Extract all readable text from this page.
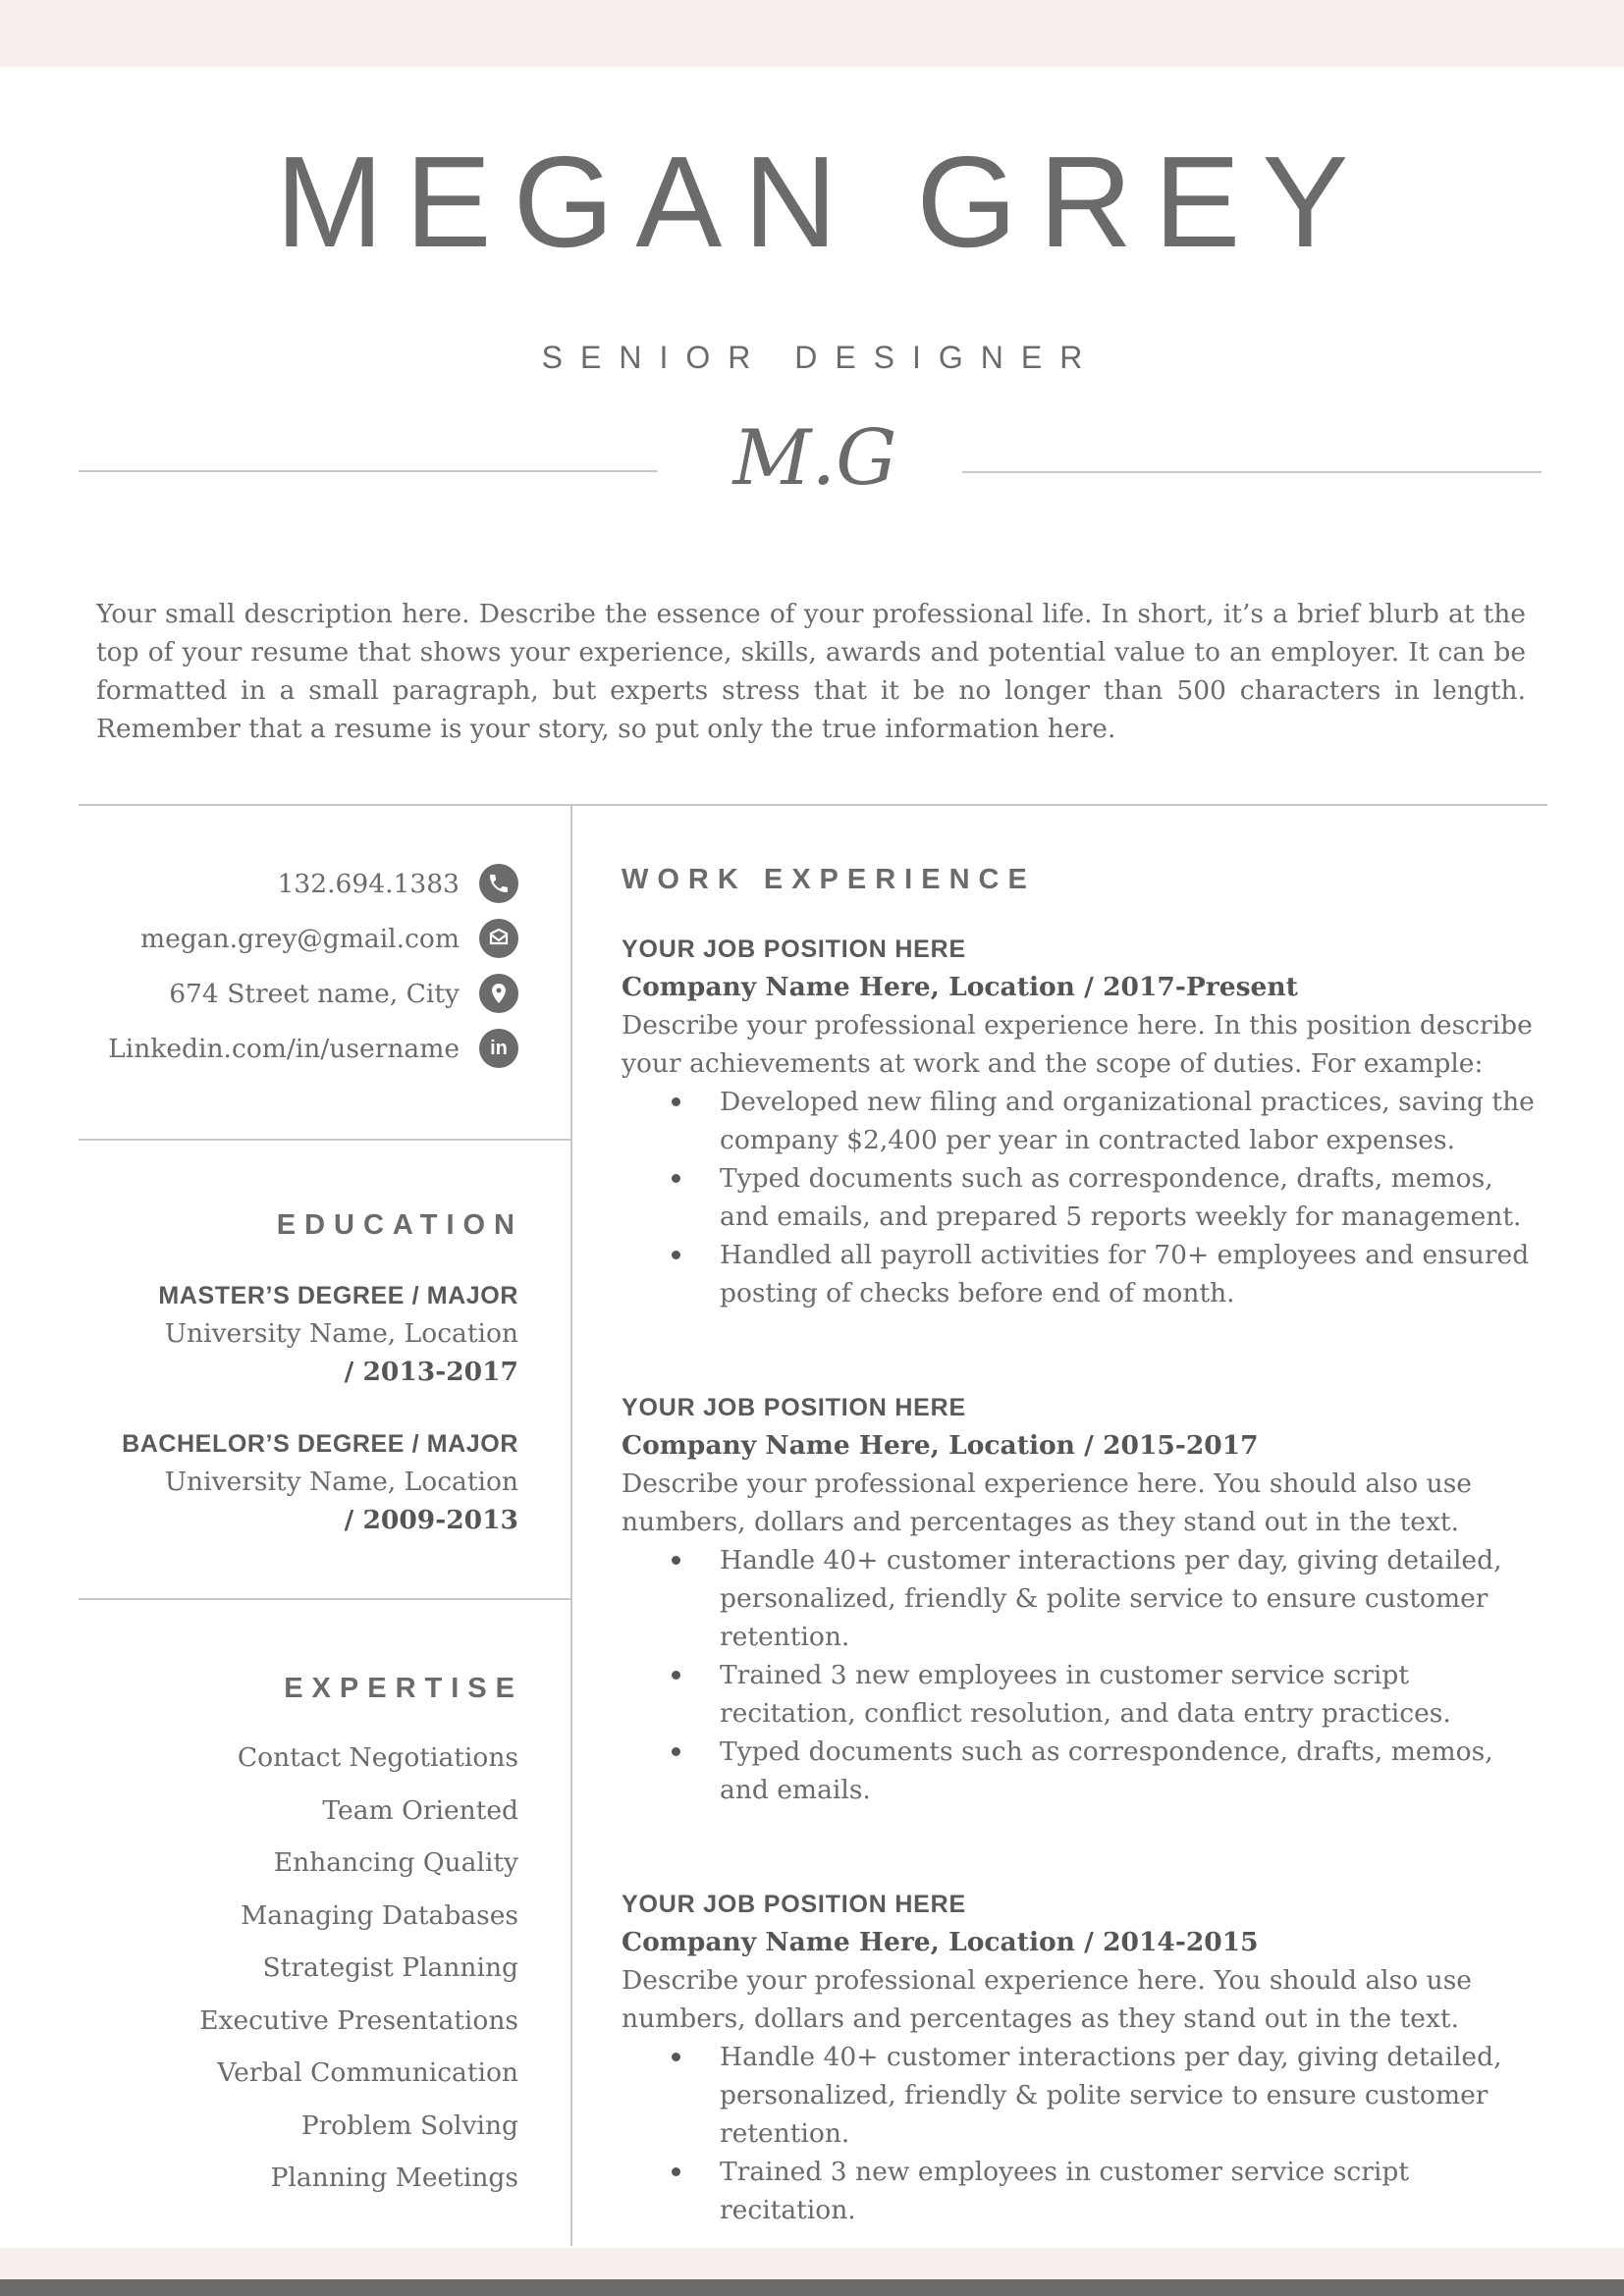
MEGAN GREY
SENIOR DESIGNER
M.G
Your small description here. Describe the essence of your professional life. In short, it’s a brief blurb at the top of your resume that shows your experience, skills, awards and potential value to an employer. It can be formatted in a small paragraph, but experts stress that it be no longer than 500 characters in length. Remember that a resume is your story, so put only the true information here.
132.694.1383
megan.grey@gmail.com
674 Street name, City
Linkedin.com/in/username in
EDUCATION
MASTER’S DEGREE / MAJOR
University Name, Location
/ 2013-2017
BACHELOR’S DEGREE / MAJOR
University Name, Location
/ 2009-2013
EXPERTISE
Contact Negotiations
Team Oriented
Enhancing Quality
Managing Databases
Strategist Planning
Executive Presentations
Verbal Communication
Problem Solving
Planning Meetings
WORK EXPERIENCE
YOUR JOB POSITION HERE
Company Name Here, Location / 2017-Present
Describe your professional experience here. In this position describe your achievements at work and the scope of duties. For example:
Developed new filing and organizational practices, saving the company $2,400 per year in contracted labor expenses.
Typed documents such as correspondence, drafts, memos, and emails, and prepared 5 reports weekly for management.
Handled all payroll activities for 70+ employees and ensured posting of checks before end of month.
YOUR JOB POSITION HERE
Company Name Here, Location / 2015-2017
Describe your professional experience here. You should also use numbers, dollars and percentages as they stand out in the text.
Handle 40+ customer interactions per day, giving detailed, personalized, friendly & polite service to ensure customer retention.
Trained 3 new employees in customer service script recitation, conflict resolution, and data entry practices.
Typed documents such as correspondence, drafts, memos, and emails.
YOUR JOB POSITION HERE
Company Name Here, Location / 2014-2015
Describe your professional experience here. You should also use numbers, dollars and percentages as they stand out in the text.
Handle 40+ customer interactions per day, giving detailed, personalized, friendly & polite service to ensure customer retention.
Trained 3 new employees in customer service script recitation.
